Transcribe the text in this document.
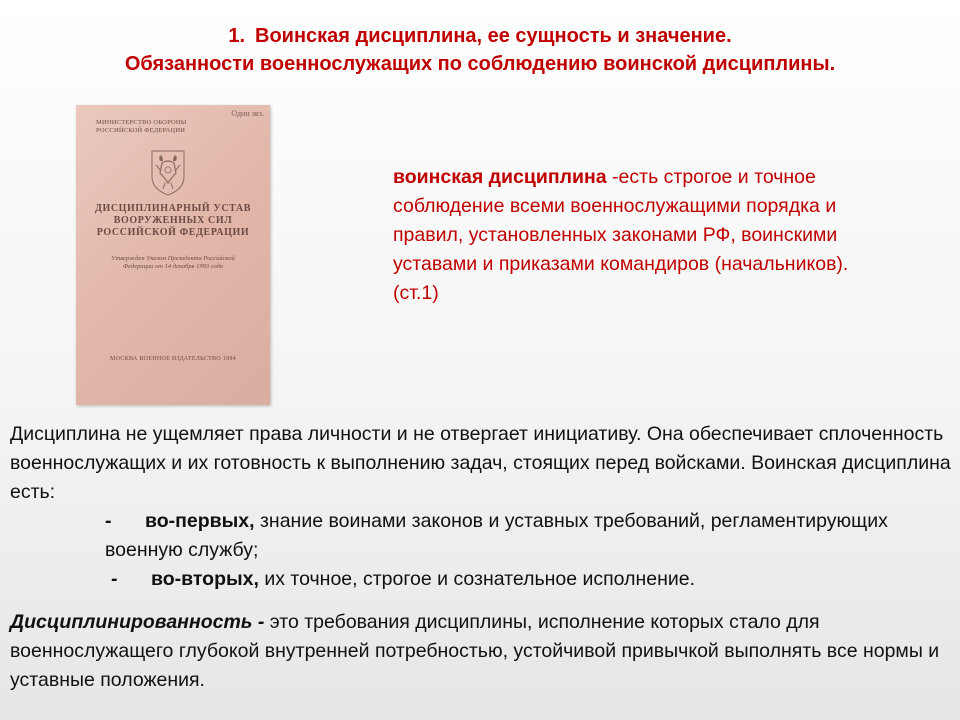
1. Воинская дисциплина, ее сущность и значение.
Обязанности военнослужащих по соблюдению воинской дисциплины.
Один экз.
МИНИСТЕРСТВО ОБОРОНЫ РОССИЙСКОЙ ФЕДЕРАЦИИ
ДИСЦИПЛИНАРНЫЙ УСТАВ ВООРУЖЕННЫХ СИЛ РОССИЙСКОЙ ФЕДЕРАЦИИ
Утвержден Указом Президента Российской Федерации от 14 декабря 1993 года
МОСКВА ВОЕННОЕ ИЗДАТЕЛЬСТВО 1994
воинская дисциплина -есть строгое и точное соблюдение всеми военнослужащими порядка и правил, установленных законами РФ, воинскими уставами и приказами командиров (начальников). (ст.1)

Дисциплина не ущемляет права личности и не отвергает инициативу. Она обеспечивает сплоченность военнослужащих и их готовность к выполнению задач, стоящих перед войсками. Воинская дисциплина есть:

- во-первых, знание воинами законов и уставных требований, регламентирующих военную службу;

- во-вторых, их точное, строгое и сознательное исполнение.

Дисциплинированность - это требования дисциплины, исполнение которых стало для военнослужащего глубокой внутренней потребностью, устойчивой привычкой выполнять все нормы и уставные положения.
